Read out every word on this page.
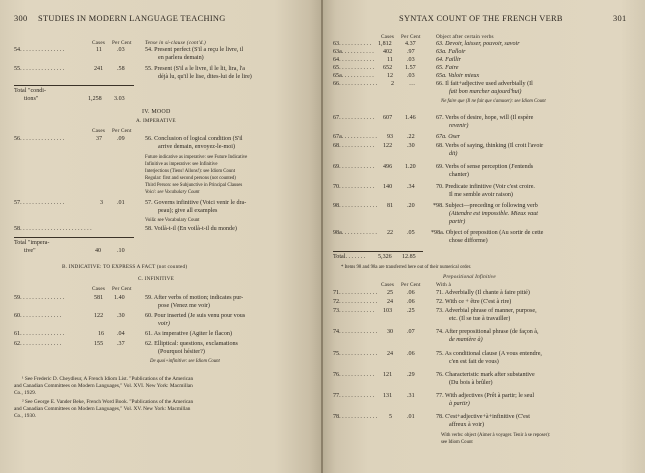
300 STUDIES IN MODERN LANGUAGE TEACHING
Cases Per Cent	Tense in si-clause (cont'd.)
54. . . . . . . . . . . . . . .	11 .03	54. Present perfect (S'il a reçu le livre, il
en parlera demain)
55. . . . . . . . . . . . . . .	241 .58	55. Present (S'il a le livre, il le lit, lira, l'a
déjà lu, qu'il le lise, dites-lui de le lire)
Total "condi-
tions"	1,258 3.03
IV. MOOD
A. IMPERATIVE
Cases Per Cent
56. . . . . . . . . . . . . . .	37 .09	56. Conclusion of logical condition (S'il
arrive demain, envoyez-le-moi)
Future indicative as imperative: see Future Indicative
Infinitive as imperative: see Infinitive
Interjections (Tiens! Allons!): see Idiom Count
Regular: first and second persons (not counted)
Third Person: see Subjunctive in Principal Clauses
Voici: see Vocabulary Count
57. . . . . . . . . . . . . . .	3 .01	57. Governs infinitive (Voici venir le dra-
peau); give all examples
Voilà: see Vocabulary Count
58. . . . . . . . . . . . . . . . . . . . . . . .	58. Voilà-t-il (En voilà-t-il du monde)
Total "impera-
tive"	40	.10
B. INDICATIVE: TO EXPRESS A FACT (not counted)
C. INFINITIVE
Cases Per Cent
59. . . . . . . . . . . . . . .	581 1.40	59. After verbs of motion; indicates pur-
pose (Venez me voir)
60. . . . . . . . . . . . . .	122 .30	60. Pour inserted (Je suis venu pour vous
voir)
61. . . . . . . . . . . . . . .	16 .04	61. As imperative (Agiter le flacon)
62. . . . . . . . . . . . . .	155 .37	62. Elliptical: questions, exclamations
(Pourquoi hésiter?)
De quoi+infinitive: see Idiom Count
¹ See Frederic D. Cheydleur, A French Idiom List. "Publications of the American
and Canadian Committees on Modern Languages," Vol. XVI. New York: Macmillan
Co., 1929.
² See George E. Vander Beke, French Word Book. "Publications of the American
and Canadian Committees on Modern Languages," Vol. XV. New York: Macmillan
Co., 1930.
SYNTAX COUNT OF THE FRENCH VERB	301
Cases Per Cent	Object after certain verbs
63. . . . . . . . . . . 1,812 4.37	63. Devoir, laisser, pouvoir, savoir
63a. . . . . . . . . . . 402 .97	63a. Falloir
64. . . . . . . . . . . . 11 .03	64. Faillir
65. . . . . . . . . . . . 652 1.57	65. Faire
65a. . . . . . . . . . . 12 .03	65a. Valoir mieux
66. . . . . . . . . . . . . 2 …	66. Il fait+adjective used adverbially (Il
fait bon marcher aujourd'hui)
Ne faire que (Il ne fait que s'amuser): see Idiom Count
67. . . . . . . . . . . . 607 1.46	67. Verbs of desire, hope, will (Il espère
revenir)
67a. . . . . . . . . . . . 93 .22	67a. Oser
68. . . . . . . . . . . . 122 .30	68. Verbs of saying, thinking (Il croit l'avoir
dit)
69. . . . . . . . . . . . 496 1.20	69. Verbs of sense perception (J'entends
chanter)
70. . . . . . . . . . . . 140 .34	70. Predicate infinitive (Voir c'est croire.
Il me semble avoir raison)
98. . . . . . . . . . . . . 81 .20	*98. Subject—preceding or following verb
(Attendre est impossible. Mieux vaut
partir)
98a. . . . . . . . . . . . 22 .05	*98a. Object of preposition (Au sortir de cette
chose difforme)
Total. . . . . . . 5,326 12.85
* Items 98 and 98a are transferred here out of their numerical order.
Prepositional Infinitive
Cases Per Cent	With à
71. . . . . . . . . . . . . 25 .06	71. Adverbially (Il chante à faire pitié)
72. . . . . . . . . . . . . 24 .06	72. With ce + être (C'est à rire)
73. . . . . . . . . . . . 103 .25	73. Adverbial phrase of manner, purpose,
etc. (Il se tue à travailler)
74. . . . . . . . . . . . . 30 .07	74. After prepositional phrase (de façon à,
de manière à)
75. . . . . . . . . . . . . 24 .06	75. As conditional clause (A vous entendre,
c'en est fait de vous)
76. . . . . . . . . . . . 121 .29	76. Characteristic mark after substantive
(Du bois à brûler)
77. . . . . . . . . . . . 131 .31	77. With adjectives (Prêt à partir; le seul
à partir)
78. . . . . . . . . . . . . 5 .01	78. C'est+adjective+à+infinitive (C'est
affreux à voir)
With verbs: object (Aimer à voyager. Tenir à se reposer):
see Idiom Count
